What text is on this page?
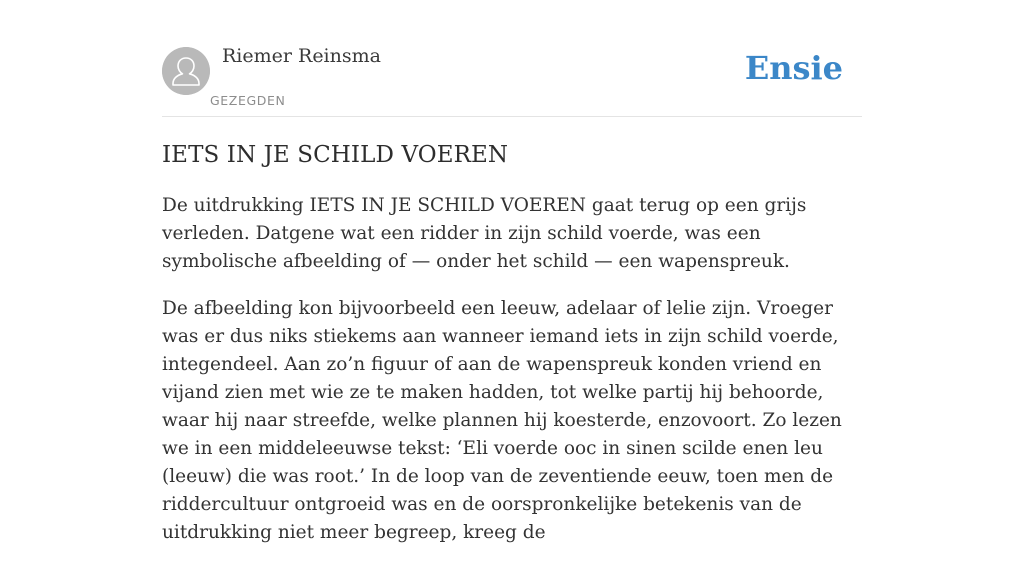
Riemer Reinsma
GEZEGDEN
Ensie
IETS IN JE SCHILD VOEREN

De uitdrukking IETS IN JE SCHILD VOEREN gaat terug op een grijs verleden. Datgene wat een ridder in zijn schild voerde, was een symbolische afbeelding of — onder het schild — een wapenspreuk.

De afbeelding kon bijvoorbeeld een leeuw, adelaar of lelie zijn. Vroeger was er dus niks stiekems aan wanneer iemand iets in zijn schild voerde, integendeel. Aan zo’n figuur of aan de wapenspreuk konden vriend en vijand zien met wie ze te maken hadden, tot welke partij hij behoorde, waar hij naar streefde, welke plannen hij koesterde, enzovoort. Zo lezen we in een middeleeuwse tekst: ‘Eli voerde ooc in sinen scilde enen leu (leeuw) die was root.’ In de loop van de zeventiende eeuw, toen men de riddercultuur ontgroeid was en de oorspronkelijke betekenis van de uitdrukking niet meer begreep, kreeg de
